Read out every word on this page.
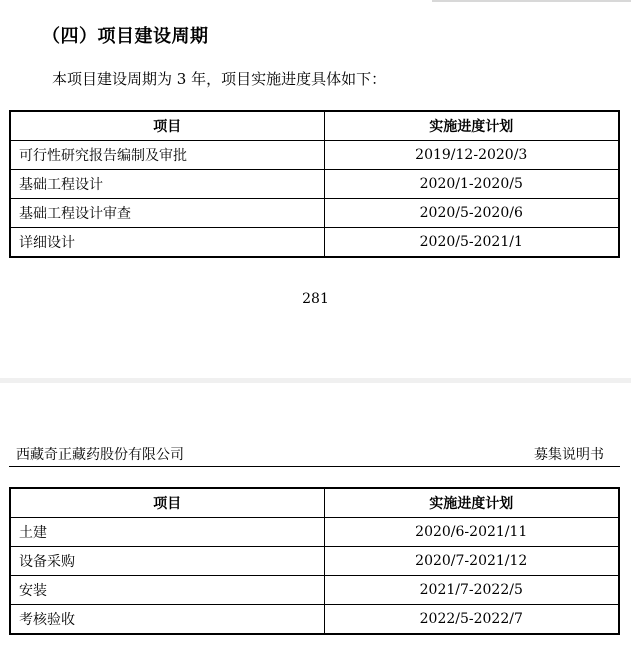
（四）项目建设周期
本项目建设周期为 3 年，项目实施进度具体如下：
项目	实施进度计划
可行性研究报告编制及审批	2019/12-2020/3
基础工程设计	2020/1-2020/5
基础工程设计审查	2020/5-2020/6
详细设计	2020/5-2021/1
281
西藏奇正藏药股份有限公司	募集说明书
项目	实施进度计划
土建	2020/6-2021/11
设备采购	2020/7-2021/12
安装	2021/7-2022/5
考核验收	2022/5-2022/7
